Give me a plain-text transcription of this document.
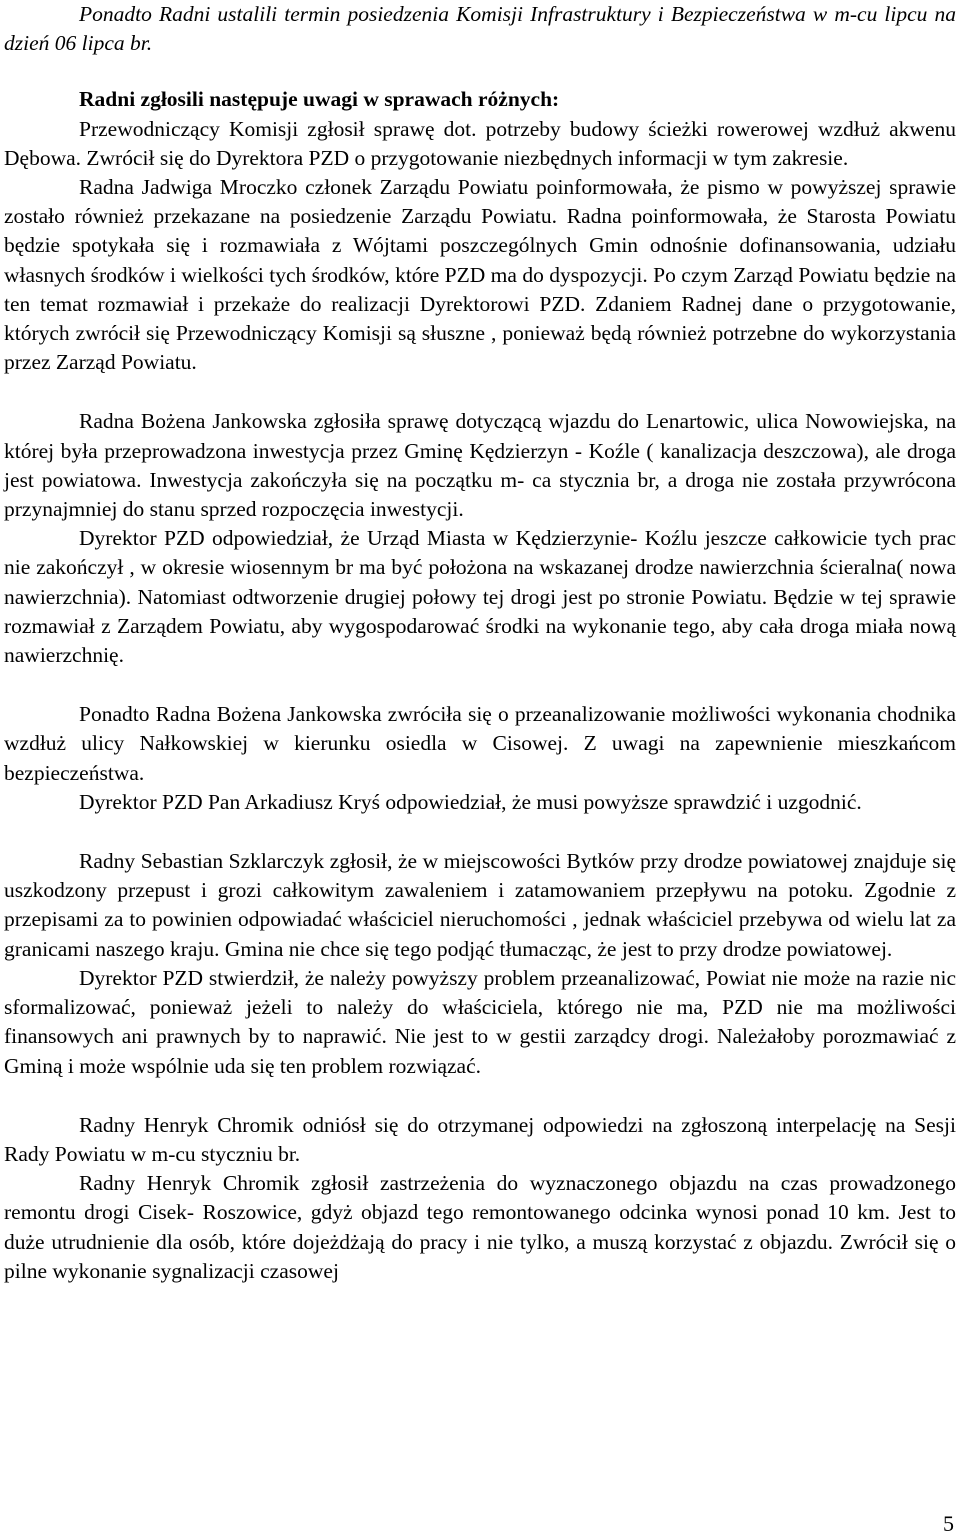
Ponadto Radni ustalili termin posiedzenia Komisji Infrastruktury i Bezpieczeństwa w m-cu lipcu na dzień 06 lipca br.

Radni zgłosili następuje uwagi w sprawach różnych:

Przewodniczący Komisji zgłosił sprawę dot. potrzeby budowy ścieżki rowerowej wzdłuż akwenu Dębowa. Zwrócił się do Dyrektora PZD o przygotowanie niezbędnych informacji w tym zakresie.

Radna Jadwiga Mroczko członek Zarządu Powiatu poinformowała, że pismo w powyższej sprawie zostało również przekazane na posiedzenie Zarządu Powiatu. Radna poinformowała, że Starosta Powiatu będzie spotykała się i rozmawiała z Wójtami poszczególnych Gmin odnośnie dofinansowania, udziału własnych środków i wielkości tych środków, które PZD ma do dyspozycji. Po czym Zarząd Powiatu będzie na ten temat rozmawiał i przekaże do realizacji Dyrektorowi PZD. Zdaniem Radnej dane o przygotowanie, których zwrócił się Przewodniczący Komisji są słuszne , ponieważ będą również potrzebne do wykorzystania przez Zarząd Powiatu.

Radna Bożena Jankowska zgłosiła sprawę dotyczącą wjazdu do Lenartowic, ulica Nowowiejska, na której była przeprowadzona inwestycja przez Gminę Kędzierzyn - Koźle ( kanalizacja deszczowa), ale droga jest powiatowa. Inwestycja zakończyła się na początku m- ca stycznia br, a droga nie została przywrócona przynajmniej do stanu sprzed rozpoczęcia inwestycji.

Dyrektor PZD odpowiedział, że Urząd Miasta w Kędzierzynie- Koźlu jeszcze całkowicie tych prac nie zakończył , w okresie wiosennym br ma być położona na wskazanej drodze nawierzchnia ścieralna( nowa nawierzchnia). Natomiast odtworzenie drugiej połowy tej drogi jest po stronie Powiatu. Będzie w tej sprawie rozmawiał z Zarządem Powiatu, aby wygospodarować środki na wykonanie tego, aby cała droga miała nową nawierzchnię.

Ponadto Radna Bożena Jankowska zwróciła się o przeanalizowanie możliwości wykonania chodnika wzdłuż ulicy Nałkowskiej w kierunku osiedla w Cisowej. Z uwagi na zapewnienie mieszkańcom bezpieczeństwa.

Dyrektor PZD Pan Arkadiusz Kryś odpowiedział, że musi powyższe sprawdzić i uzgodnić.

Radny Sebastian Szklarczyk zgłosił, że w miejscowości Bytków przy drodze powiatowej znajduje się uszkodzony przepust i grozi całkowitym zawaleniem i zatamowaniem przepływu na potoku. Zgodnie z przepisami za to powinien odpowiadać właściciel nieruchomości , jednak właściciel przebywa od wielu lat za granicami naszego kraju. Gmina nie chce się tego podjąć tłumacząc, że jest to przy drodze powiatowej.

Dyrektor PZD stwierdził, że należy powyższy problem przeanalizować, Powiat nie może na razie nic sformalizować, ponieważ jeżeli to należy do właściciela, którego nie ma, PZD nie ma możliwości finansowych ani prawnych by to naprawić. Nie jest to w gestii zarządcy drogi. Należałoby porozmawiać z Gminą i może wspólnie uda się ten problem rozwiązać.

Radny Henryk Chromik odniósł się do otrzymanej odpowiedzi na zgłoszoną interpelację na Sesji Rady Powiatu w m-cu styczniu br.

Radny Henryk Chromik zgłosił zastrzeżenia do wyznaczonego objazdu na czas prowadzonego remontu drogi Cisek- Roszowice, gdyż objazd tego remontowanego odcinka wynosi ponad 10 km. Jest to duże utrudnienie dla osób, które dojeżdżają do pracy i nie tylko, a muszą korzystać z objazdu. Zwrócił się o pilne wykonanie sygnalizacji czasowej

5
